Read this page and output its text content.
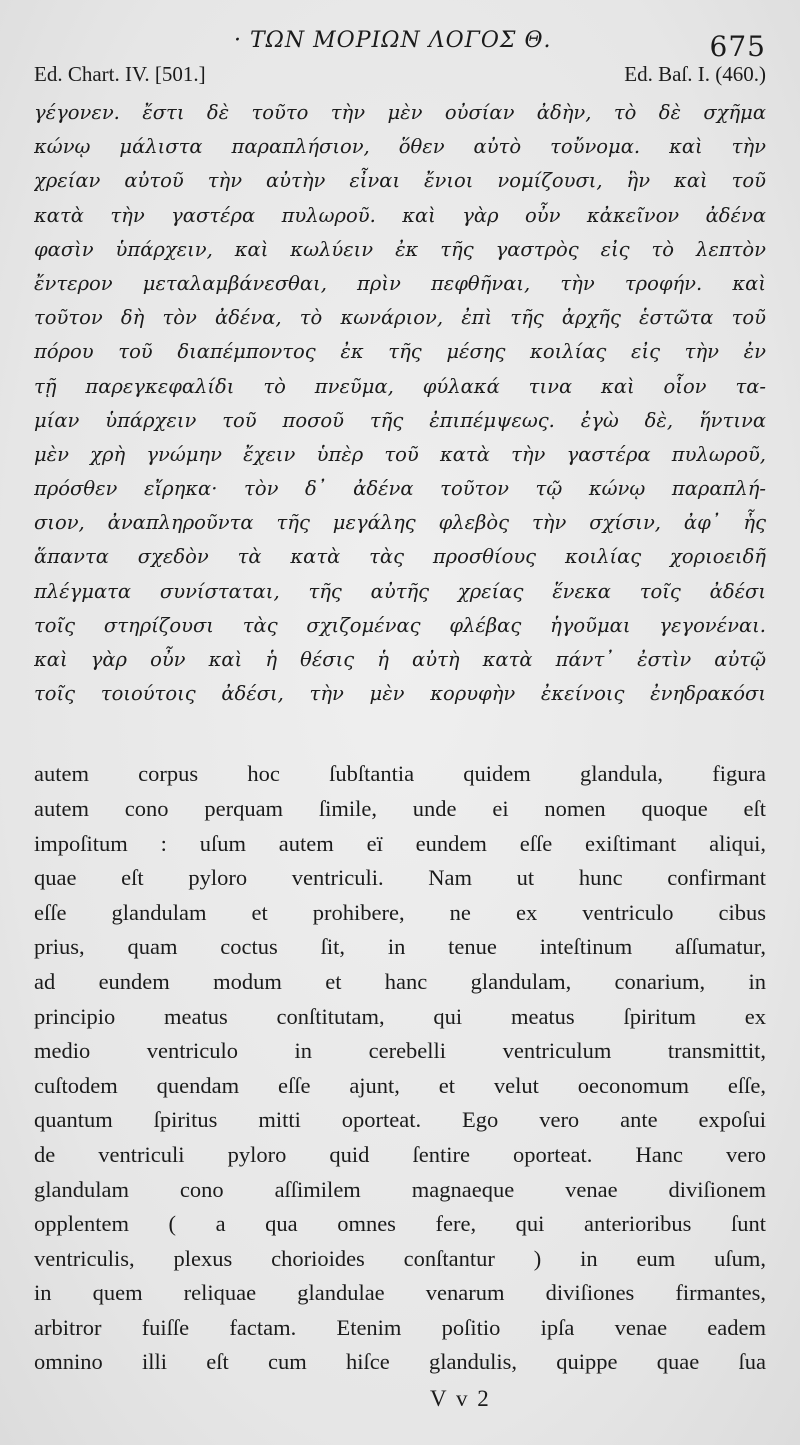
· ΤΩΝ ΜΟΡΙΩΝ ΛΟΓΟΣ Θ.	675
Ed. Chart. IV. [501.]	Ed. Baſ. I. (460.)
γέγονεν. ἔστι δὲ τοῦτο τὴν μὲν οὐσίαν ἀδὴν, τὸ δὲ σχῆμα
κώνῳ μάλιστα παραπλήσιον, ὅθεν αὐτὸ τοὔνομα. καὶ τὴν
χρείαν αὐτοῦ τὴν αὐτὴν εἶναι ἔνιοι νομίζουσι, ἣν καὶ τοῦ
κατὰ τὴν γαστέρα πυλωροῦ. καὶ γὰρ οὖν κἀκεῖνον ἀδένα
φασὶν ὑπάρχειν, καὶ κωλύειν ἐκ τῆς γαστρὸς εἰς τὸ λεπτὸν
ἔντερον μεταλαμβάνεσθαι, πρὶν πεφθῆναι, τὴν τροφήν. καὶ
τοῦτον δὴ τὸν ἀδένα, τὸ κωνάριον, ἐπὶ τῆς ἀρχῆς ἑστῶτα τοῦ
πόρου τοῦ διαπέμποντος ἐκ τῆς μέσης κοιλίας εἰς τὴν ἐν
τῇ παρεγκεφαλίδι τὸ πνεῦμα, φύλακά τινα καὶ οἷον τα-
μίαν ὑπάρχειν τοῦ ποσοῦ τῆς ἐπιπέμψεως. ἐγὼ δὲ, ἥντινα
μὲν χρὴ γνώμην ἔχειν ὑπὲρ τοῦ κατὰ τὴν γαστέρα πυλωροῦ,
πρόσθεν εἴρηκα· τὸν δ᾽ ἀδένα τοῦτον τῷ κώνῳ παραπλή-
σιον, ἀναπληροῦντα τῆς μεγάλης φλεβὸς τὴν σχίσιν, ἀφ᾽ ἧς
ἅπαντα σχεδὸν τὰ κατὰ τὰς προσθίους κοιλίας χοριοειδῆ
πλέγματα συνίσταται, τῆς αὐτῆς χρείας ἕνεκα τοῖς ἀδέσι
τοῖς στηρίζουσι τὰς σχιζομένας φλέβας ἡγοῦμαι γεγονέναι.
καὶ γὰρ οὖν καὶ ἡ θέσις ἡ αὐτὴ κατὰ πάντ᾽ ἐστὶν αὐτῷ
τοῖς τοιούτοις ἀδέσι, τὴν μὲν κορυφὴν ἐκείνοις ἐνηδρακόσι
autem corpus hoc ſubſtantia quidem glandula, figura
autem cono perquam ſimile, unde ei nomen quoque eſt
impoſitum : uſum autem eï eundem eſſe exiſtimant aliqui,
quae eſt pyloro ventriculi. Nam ut hunc confirmant
eſſe glandulam et prohibere, ne ex ventriculo cibus
prius, quam coctus ſit, in tenue inteſtinum aſſumatur,
ad eundem modum et hanc glandulam, conarium, in
principio meatus conſtitutam, qui meatus ſpiritum ex
medio ventriculo in cerebelli ventriculum transmittit,
cuſtodem quendam eſſe ajunt, et velut oeconomum eſſe,
quantum ſpiritus mitti oporteat. Ego vero ante expoſui
de ventriculi pyloro quid ſentire oporteat. Hanc vero
glandulam cono aſſimilem magnaeque venae diviſionem
opplentem ( a qua omnes fere, qui anterioribus ſunt
ventriculis, plexus chorioides conſtantur ) in eum uſum,
in quem reliquae glandulae venarum diviſiones firmantes,
arbitror fuiſſe factam. Etenim poſitio ipſa venae eadem
omnino illi eſt cum hiſce glandulis, quippe quae ſua
V v 2
